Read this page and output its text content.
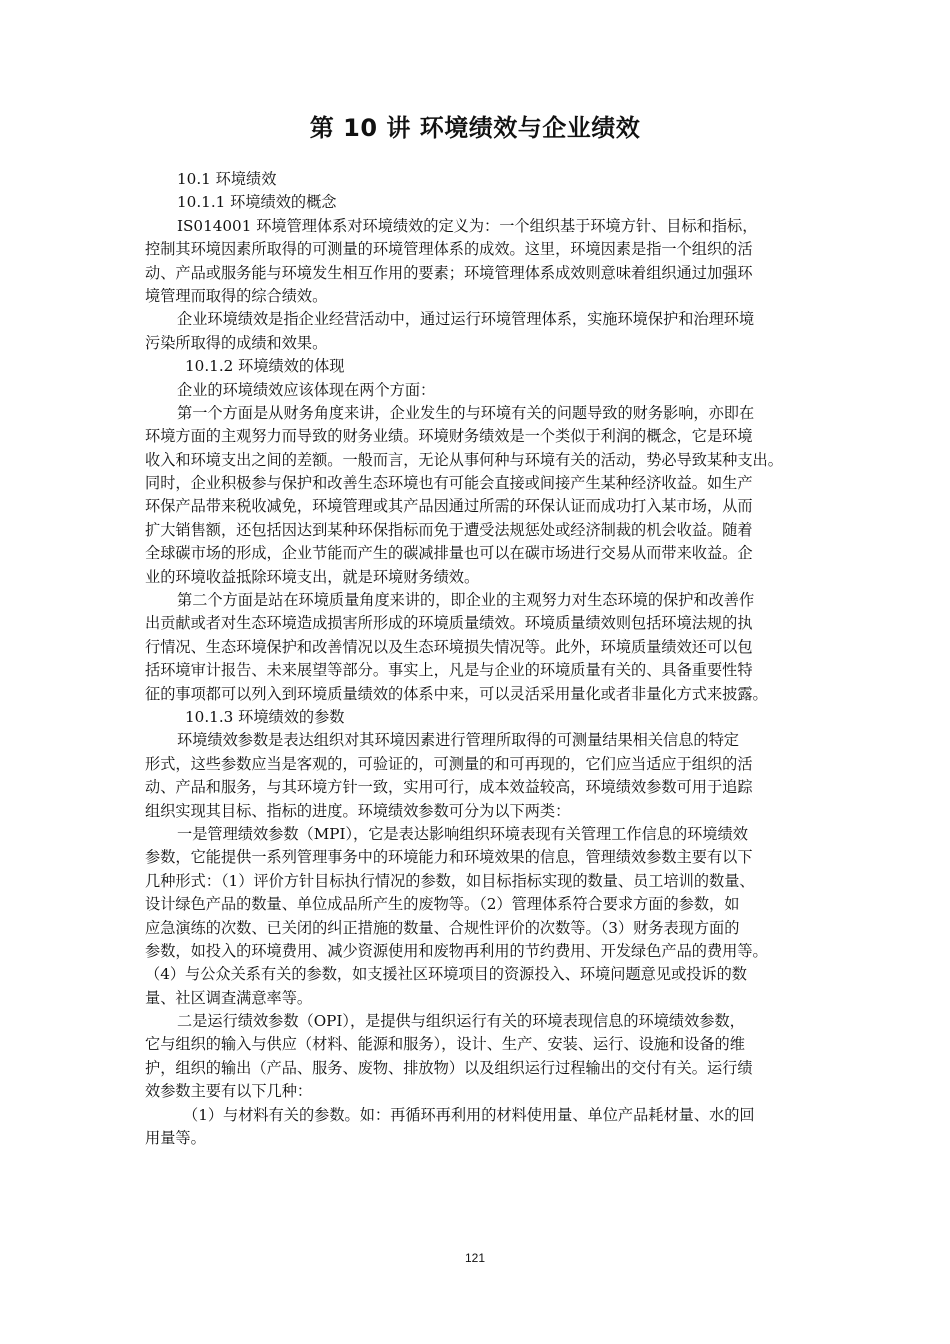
第 10 讲 环境绩效与企业绩效
10.1 环境绩效
10.1.1 环境绩效的概念
IS014001 环境管理体系对环境绩效的定义为：一个组织基于环境方针、目标和指标，
控制其环境因素所取得的可测量的环境管理体系的成效。这里，环境因素是指一个组织的活
动、产品或服务能与环境发生相互作用的要素；环境管理体系成效则意味着组织通过加强环
境管理而取得的综合绩效。
企业环境绩效是指企业经营活动中，通过运行环境管理体系，实施环境保护和治理环境
污染所取得的成绩和效果。
10.1.2 环境绩效的体现
企业的环境绩效应该体现在两个方面：
第一个方面是从财务角度来讲，企业发生的与环境有关的问题导致的财务影响，亦即在
环境方面的主观努力而导致的财务业绩。环境财务绩效是一个类似于利润的概念，它是环境
收入和环境支出之间的差额。一般而言，无论从事何种与环境有关的活动，势必导致某种支出。
同时，企业积极参与保护和改善生态环境也有可能会直接或间接产生某种经济收益。如生产
环保产品带来税收减免，环境管理或其产品因通过所需的环保认证而成功打入某市场，从而
扩大销售额，还包括因达到某种环保指标而免于遭受法规惩处或经济制裁的机会收益。随着
全球碳市场的形成，企业节能而产生的碳减排量也可以在碳市场进行交易从而带来收益。企
业的环境收益抵除环境支出，就是环境财务绩效。
第二个方面是站在环境质量角度来讲的，即企业的主观努力对生态环境的保护和改善作
出贡献或者对生态环境造成损害所形成的环境质量绩效。环境质量绩效则包括环境法规的执
行情况、生态环境保护和改善情况以及生态环境损失情况等。此外，环境质量绩效还可以包
括环境审计报告、未来展望等部分。事实上，凡是与企业的环境质量有关的、具备重要性特
征的事项都可以列入到环境质量绩效的体系中来，可以灵活采用量化或者非量化方式来披露。
10.1.3 环境绩效的参数
环境绩效参数是表达组织对其环境因素进行管理所取得的可测量结果相关信息的特定
形式，这些参数应当是客观的，可验证的，可测量的和可再现的，它们应当适应于组织的活
动、产品和服务，与其环境方针一致，实用可行，成本效益较高，环境绩效参数可用于追踪
组织实现其目标、指标的进度。环境绩效参数可分为以下两类：
一是管理绩效参数（MPI），它是表达影响组织环境表现有关管理工作信息的环境绩效
参数，它能提供一系列管理事务中的环境能力和环境效果的信息，管理绩效参数主要有以下
几种形式：（1）评价方针目标执行情况的参数，如目标指标实现的数量、员工培训的数量、
设计绿色产品的数量、单位成品所产生的废物等。（2）管理体系符合要求方面的参数，如
应急演练的次数、已关闭的纠正措施的数量、合规性评价的次数等。（3）财务表现方面的
参数，如投入的环境费用、减少资源使用和废物再利用的节约费用、开发绿色产品的费用等。
（4）与公众关系有关的参数，如支援社区环境项目的资源投入、环境问题意见或投诉的数
量、社区调查满意率等。
二是运行绩效参数（OPI），是提供与组织运行有关的环境表现信息的环境绩效参数，
它与组织的输入与供应（材料、能源和服务），设计、生产、安装、运行、设施和设备的维
护，组织的输出（产品、服务、废物、排放物）以及组织运行过程输出的交付有关。运行绩
效参数主要有以下几种：
（1）与材料有关的参数。如：再循环再利用的材料使用量、单位产品耗材量、水的回
用量等。
121
